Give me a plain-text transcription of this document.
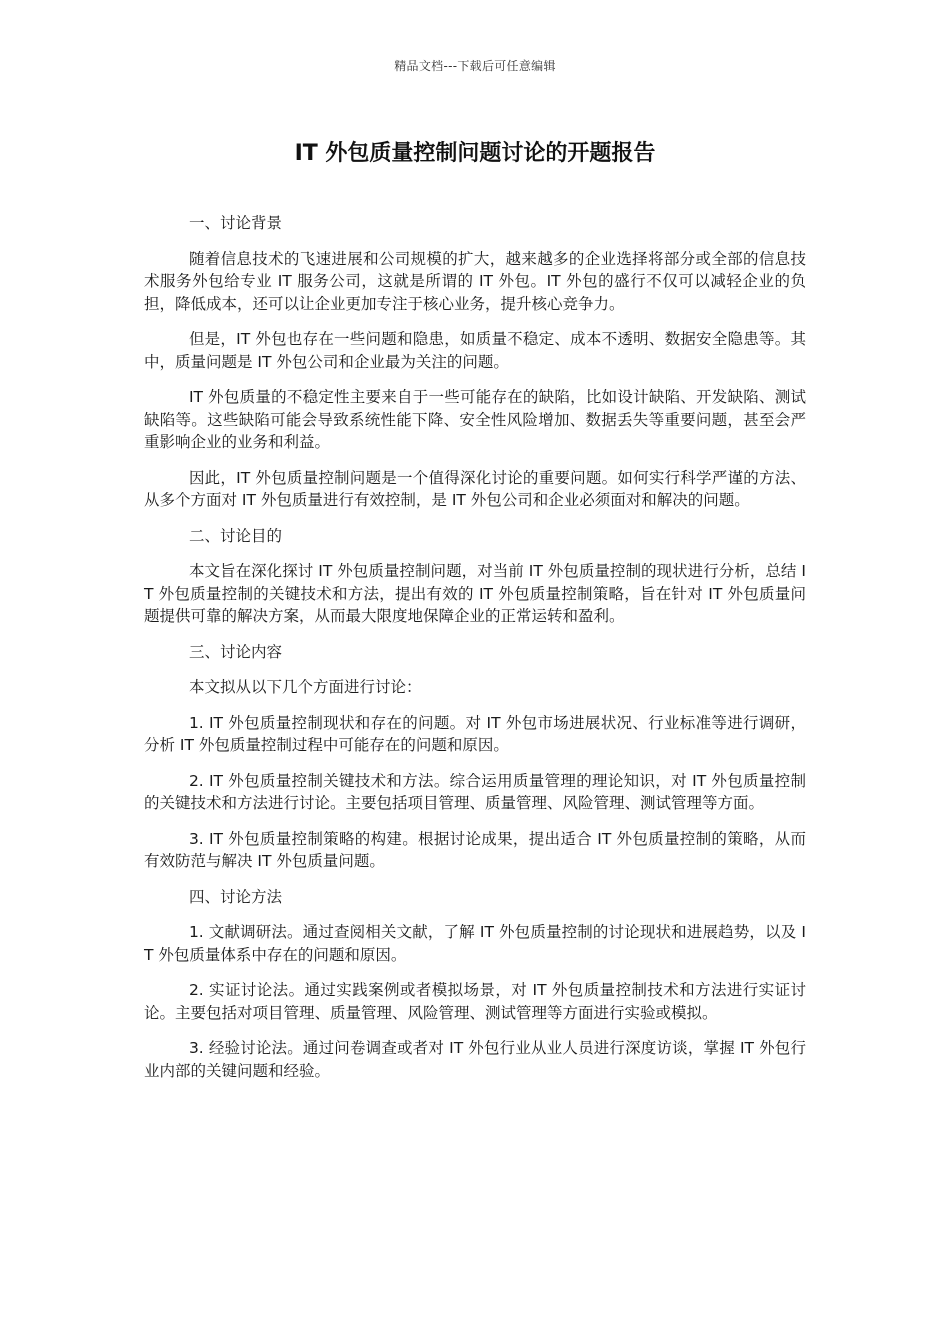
精品文档---下载后可任意编辑
IT 外包质量控制问题讨论的开题报告

一、讨论背景

随着信息技术的飞速进展和公司规模的扩大，越来越多的企业选择将部分或全部的信息技术服务外包给专业 IT 服务公司，这就是所谓的 IT 外包。IT 外包的盛行不仅可以减轻企业的负担，降低成本，还可以让企业更加专注于核心业务，提升核心竞争力。

但是，IT 外包也存在一些问题和隐患，如质量不稳定、成本不透明、数据安全隐患等。其中，质量问题是 IT 外包公司和企业最为关注的问题。

IT 外包质量的不稳定性主要来自于一些可能存在的缺陷，比如设计缺陷、开发缺陷、测试缺陷等。这些缺陷可能会导致系统性能下降、安全性风险增加、数据丢失等重要问题，甚至会严重影响企业的业务和利益。

因此，IT 外包质量控制问题是一个值得深化讨论的重要问题。如何实行科学严谨的方法、从多个方面对 IT 外包质量进行有效控制，是 IT 外包公司和企业必须面对和解决的问题。

二、讨论目的

本文旨在深化探讨 IT 外包质量控制问题，对当前 IT 外包质量控制的现状进行分析，总结 IT 外包质量控制的关键技术和方法，提出有效的 IT 外包质量控制策略，旨在针对 IT 外包质量问题提供可靠的解决方案，从而最大限度地保障企业的正常运转和盈利。

三、讨论内容

本文拟从以下几个方面进行讨论：

1. IT 外包质量控制现状和存在的问题。对 IT 外包市场进展状况、行业标准等进行调研，分析 IT 外包质量控制过程中可能存在的问题和原因。

2. IT 外包质量控制关键技术和方法。综合运用质量管理的理论知识，对 IT 外包质量控制的关键技术和方法进行讨论。主要包括项目管理、质量管理、风险管理、测试管理等方面。

3. IT 外包质量控制策略的构建。根据讨论成果，提出适合 IT 外包质量控制的策略，从而有效防范与解决 IT 外包质量问题。

四、讨论方法

1. 文献调研法。通过查阅相关文献，了解 IT 外包质量控制的讨论现状和进展趋势，以及 IT 外包质量体系中存在的问题和原因。

2. 实证讨论法。通过实践案例或者模拟场景，对 IT 外包质量控制技术和方法进行实证讨论。主要包括对项目管理、质量管理、风险管理、测试管理等方面进行实验或模拟。

3. 经验讨论法。通过问卷调查或者对 IT 外包行业从业人员进行深度访谈，掌握 IT 外包行业内部的关键问题和经验。
